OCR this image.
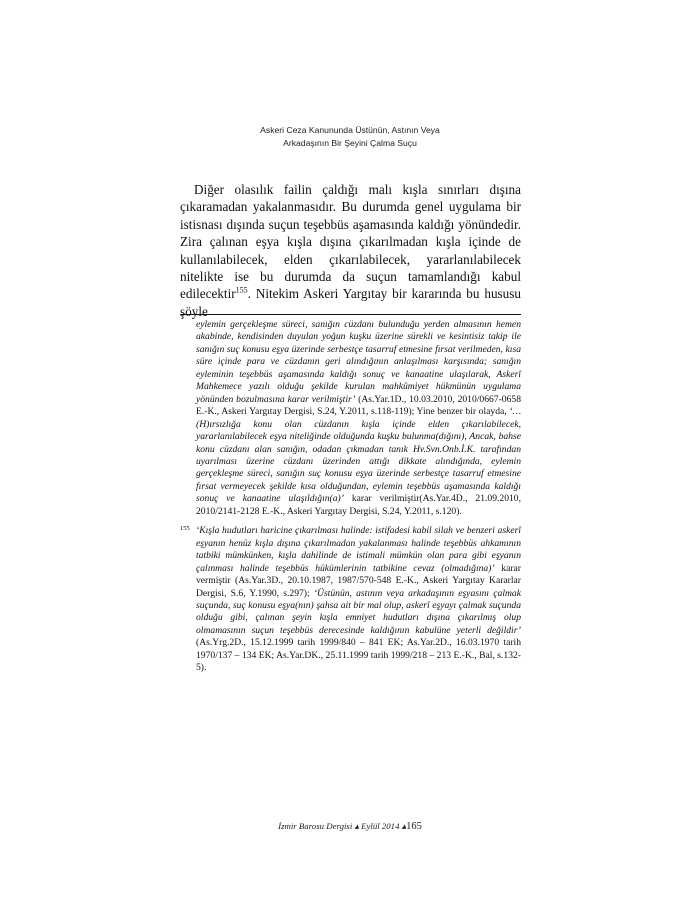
Askeri Ceza Kanununda Üstünün, Astının Veya
Arkadaşının Bir Şeyini Çalma Suçu

Diğer olasılık failin çaldığı malı kışla sınırları dışına çıkaramadan yakalanmasıdır. Bu durumda genel uygulama bir istisnası dışında suçun teşebbüs aşamasında kaldığı yönündedir. Zira çalınan eşya kışla dışına çıkarılmadan kışla içinde de kullanılabilecek, elden çıkarılabilecek, yararlanılabilecek nitelikte ise bu durumda da suçun tamamlandığı kabul edilecektir$^{155}$. Nitekim Askeri Yargıtay bir kararında bu hususu şöyle

eylemin gerçekleşme süreci, sanığın cüzdanı bulunduğu yerden almasının hemen akabinde, kendisinden duyulan yoğun kuşku üzerine sürekli ve kesintisiz takip ile sanığın suç konusu eşya üzerinde serbestçe tasarruf etmesine fırsat verilmeden, kısa süre içinde para ve cüzdanın geri alındığının anlaşılması karşısında; sanığın eyleminin teşebbüs aşamasında kaldığı sonuç ve kanaatine ulaşılarak, Askerî Mahkemece yazılı olduğu şekilde kurulan mahkûmiyet hükmünün uygulama yönünden bozulmasına karar verilmiştir’ (As.Yar.1D., 10.03.2010, 2010/0667-0658 E.-K., Askeri Yargıtay Dergisi, S.24, Y.2011, s.118-119); Yine benzer bir olayda, ‘…(H)ırsızlığa konu olan cüzdanın kışla içinde elden çıkarılabilecek, yararlanılabilecek eşya niteliğinde olduğunda kuşku bulunma(dığını), Ancak, bahse konu cüzdanı alan sanığın, odadan çıkmadan tanık Hv.Svn.Onb.İ.K. tarafından uyarılması üzerine cüzdanı üzerinden attığı dikkate alındığında, eylemin gerçekleşme süreci, sanığın suç konusu eşya üzerinde serbestçe tasarruf etmesine fırsat vermeyecek şekilde kısa olduğundan, eylemin teşebbüs aşamasında kaldığı sonuç ve kanaatine ulaşıldığın(a)’ karar verilmiştir(As.Yar.4D., 21.09.2010, 2010/2141-2128 E.-K., Askeri Yargıtay Dergisi, S.24, Y.2011, s.120).

155 ‘Kışla hudutları haricine çıkarılması halinde: istifadesi kabil silah ve benzeri askerî eşyanın henüz kışla dışına çıkarılmadan yakalanması halinde teşebbüs ahkamının tatbiki mümkünken, kışla dahilinde de istimali mümkün olan para gibi eşyanın çalınması halinde teşebbüs hükümlerinin tatbikine cevaz (olmadığına)’ karar vermiştir (As.Yar.3D., 20.10.1987, 1987/570-548 E.-K., Askeri Yargıtay Kararlar Dergisi, S.6, Y.1990, s.297); ‘Üstünün, astının veya arkadaşının eşyasını çalmak suçunda, suç konusu eşya(nın) şahsa ait bir mal olup, askerî eşyayı çalmak suçunda olduğu gibi, çalınan şeyin kışla emniyet hudutları dışına çıkarılmış olup olmamasının suçun teşebbüs derecesinde kaldığının kabulüne yeterli değildir’ (As.Yrg.2D., 15.12.1999 tarih 1999/840 – 841 EK; As.Yar.2D., 16.03.1970 tarih 1970/137 – 134 EK; As.Yar.DK., 25.11.1999 tarih 1999/218 – 213 E.-K., Bal, s.132-5).

İzmir Barosu Dergisi ▴ Eylül 2014 ▴165
